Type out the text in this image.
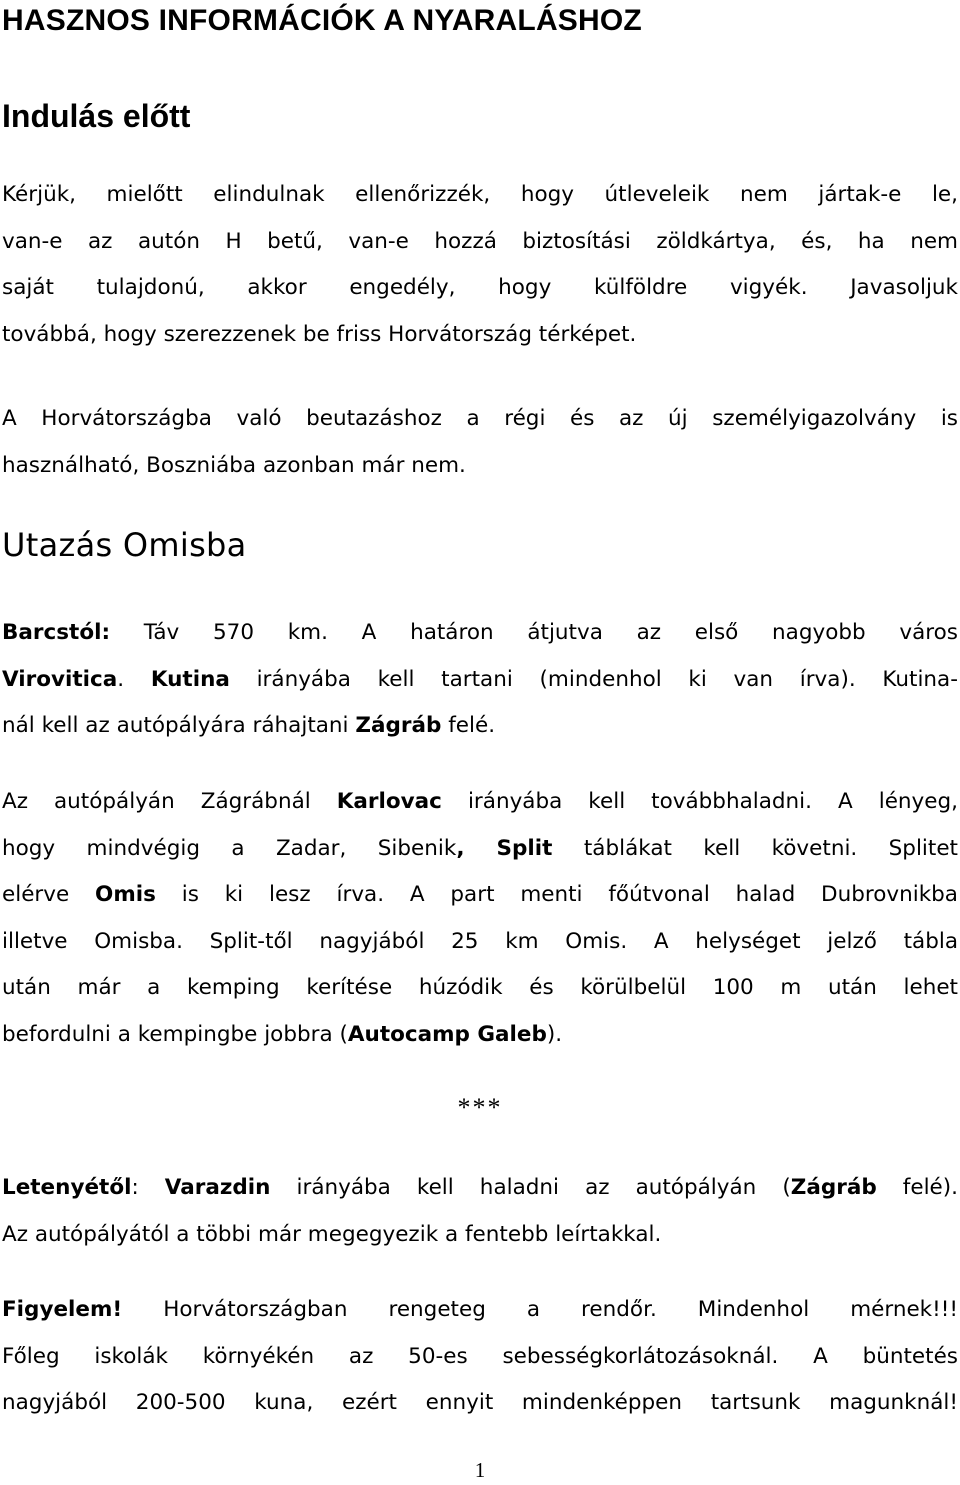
HASZNOS INFORMÁCIÓK A NYARALÁSHOZ
Indulás előtt
Kérjük, mielőtt elindulnak ellenőrizzék, hogy útleveleik nem jártak-e le,
van-e az autón H betű, van-e hozzá biztosítási zöldkártya, és, ha nem
saját tulajdonú, akkor engedély, hogy külföldre vigyék. Javasoljuk
továbbá, hogy szerezzenek be friss Horvátország térképet.
A Horvátországba való beutazáshoz a régi és az új személyigazolvány is
használható, Boszniába azonban már nem.
Utazás Omisba
Barcstól: Táv 570 km. A határon átjutva az első nagyobb város
Virovitica. Kutina irányába kell tartani (mindenhol ki van írva). Kutina-
nál kell az autópályára ráhajtani Zágráb felé.
Az autópályán Zágrábnál Karlovac irányába kell továbbhaladni. A lényeg,
hogy mindvégig a Zadar, Sibenik, Split táblákat kell követni. Splitet
elérve Omis is ki lesz írva. A part menti főútvonal halad Dubrovnikba
illetve Omisba. Split-től nagyjából 25 km Omis. A helységet jelző tábla
után már a kemping kerítése húzódik és körülbelül 100 m után lehet
befordulni a kempingbe jobbra (Autocamp Galeb).
***
Letenyétől: Varazdin irányába kell haladni az autópályán (Zágráb felé).
Az autópályától a többi már megegyezik a fentebb leírtakkal.
Figyelem! Horvátországban rengeteg a rendőr. Mindenhol mérnek!!!
Főleg iskolák környékén az 50-es sebességkorlátozásoknál. A büntetés
nagyjából 200-500 kuna, ezért ennyit mindenképpen tartsunk magunknál!
1
